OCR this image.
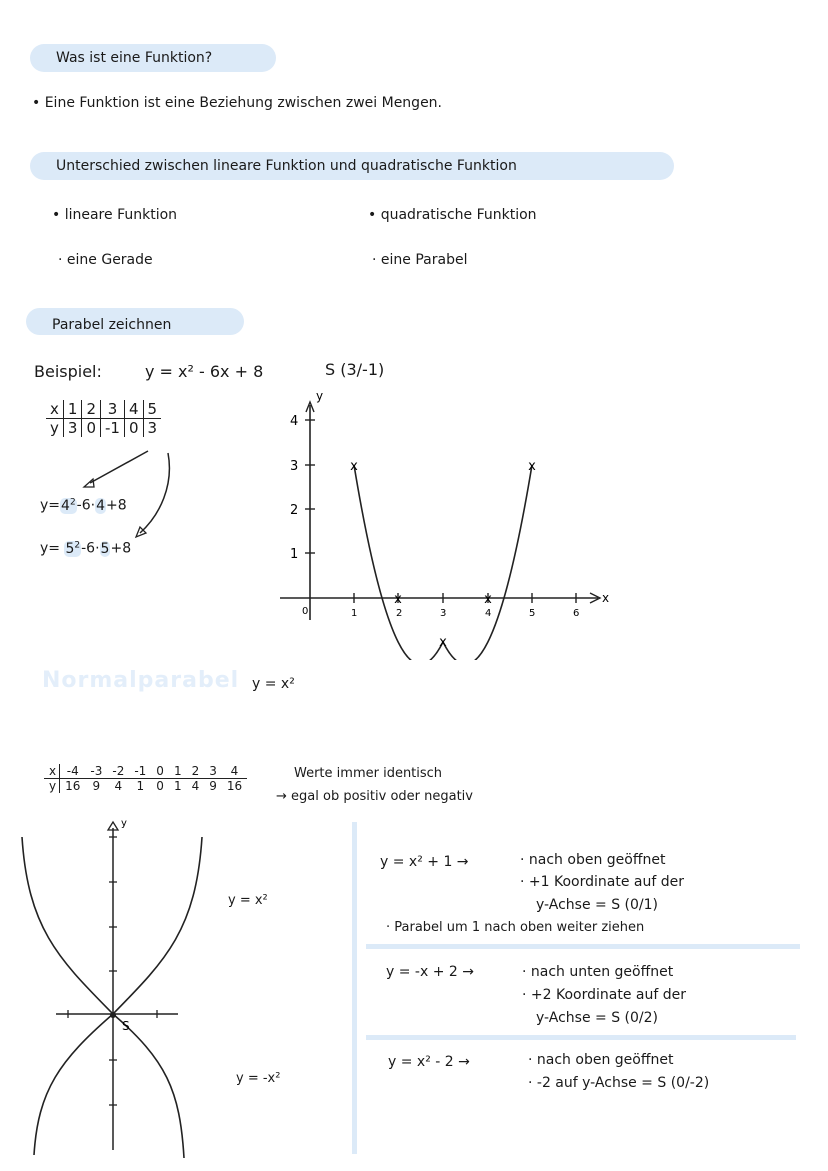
Was ist eine Funktion?
• Eine Funktion ist eine Beziehung zwischen zwei Mengen.
Unterschied zwischen lineare Funktion und quadratische Funktion
• lineare Funktion
· eine Gerade
• quadratische Funktion
· eine Parabel
Parabel zeichnen
Beispiel:	y = x² - 6x + 8	S (3/-1)
x	1	2	3	4	5
y	3	0	-1	0	3
$y=4^2-6\cdot 4+8$
$y= 5^2-6\cdot 5+8$
y
x
4
3
2
1
0	1	2	3	4	5	6
x
x
x
x
x
Normalparabel y = x²
x	-4	-3	-2	-1	0	1	2	3	4
y	16	9	4	1	0	1	4	9	16
Werte immer identisch
→ egal ob positiv oder negativ
y
S
y = x²
y = -x²
y = x² + 1 →	· nach oben geöffnet
· +1 Koordinate auf der
y-Achse = S (0/1)
· Parabel um 1 nach oben weiter ziehen
y = -x + 2 →	· nach unten geöffnet
· +2 Koordinate auf der
y-Achse = S (0/2)
y = x² - 2 →	· nach oben geöffnet
· -2 auf y-Achse = S (0/-2)
